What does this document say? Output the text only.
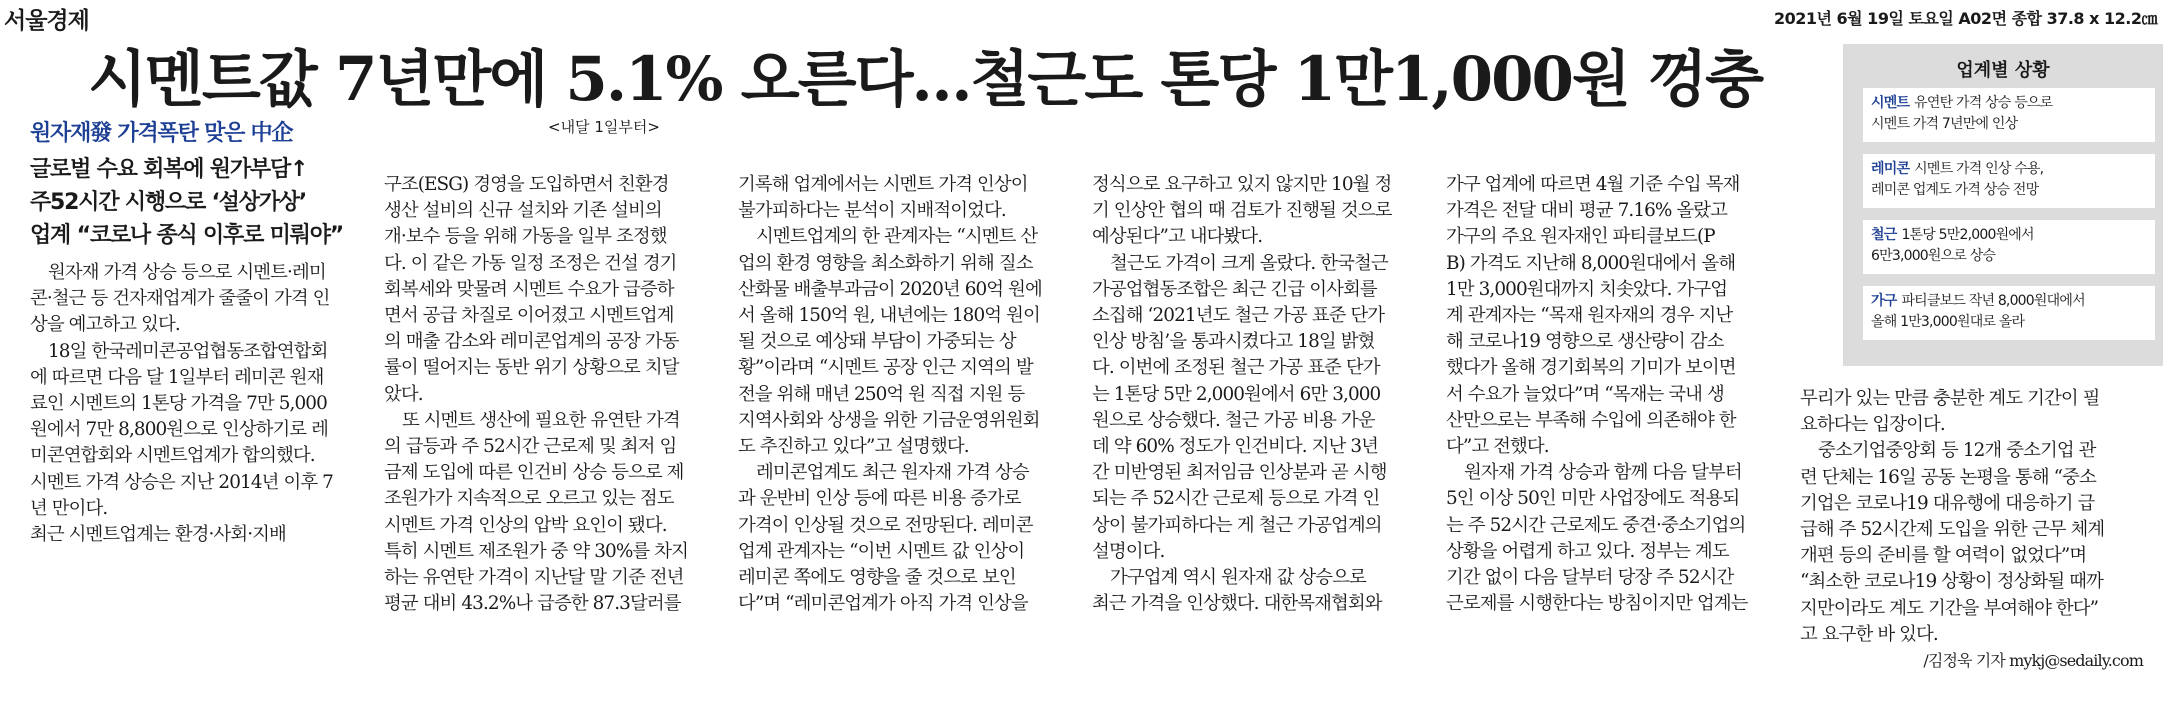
서울경제	2021년 6월 19일 토요일 A02면 종합 37.8 x 12.2㎝
시멘트값 7년만에 5.1% 오른다…철근도 톤당 1만1,000원 껑충
<내달 1일부터>
원자재發 가격폭탄 맞은 中企
글로벌 수요 회복에 원가부담↑
주52시간 시행으로 ‘설상가상’
업계 “코로나 종식 이후로 미뤄야”
업계별 상황
시멘트 유연탄 가격 상승 등으로
시멘트 가격 7년만에 인상
레미콘 시멘트 가격 인상 수용,
레미콘 업계도 가격 상승 전망
철근 1톤당 5만2,000원에서
6만3,000원으로 상승
가구 파티클보드 작년 8,000원대에서
올해 1만3,000원대로 올라
원자재 가격 상승 등으로 시멘트·레미
콘·철근 등 건자재업계가 줄줄이 가격 인
상을 예고하고 있다.
18일 한국레미콘공업협동조합연합회
에 따르면 다음 달 1일부터 레미콘 원재
료인 시멘트의 1톤당 가격을 7만 5,000
원에서 7만 8,800원으로 인상하기로 레
미콘연합회와 시멘트업계가 합의했다.
시멘트 가격 상승은 지난 2014년 이후 7
년 만이다.
최근 시멘트업계는 환경·사회·지배
구조(ESG) 경영을 도입하면서 친환경
생산 설비의 신규 설치와 기존 설비의
개·보수 등을 위해 가동을 일부 조정했
다. 이 같은 가동 일정 조정은 건설 경기
회복세와 맞물려 시멘트 수요가 급증하
면서 공급 차질로 이어졌고 시멘트업계
의 매출 감소와 레미콘업계의 공장 가동
률이 떨어지는 동반 위기 상황으로 치달
았다.
또 시멘트 생산에 필요한 유연탄 가격
의 급등과 주 52시간 근로제 및 최저 임
금제 도입에 따른 인건비 상승 등으로 제
조원가가 지속적으로 오르고 있는 점도
시멘트 가격 인상의 압박 요인이 됐다.
특히 시멘트 제조원가 중 약 30%를 차지
하는 유연탄 가격이 지난달 말 기준 전년
평균 대비 43.2%나 급증한 87.3달러를
기록해 업계에서는 시멘트 가격 인상이
불가피하다는 분석이 지배적이었다.
시멘트업계의 한 관계자는 “시멘트 산
업의 환경 영향을 최소화하기 위해 질소
산화물 배출부과금이 2020년 60억 원에
서 올해 150억 원, 내년에는 180억 원이
될 것으로 예상돼 부담이 가중되는 상
황”이라며 “시멘트 공장 인근 지역의 발
전을 위해 매년 250억 원 직접 지원 등
지역사회와 상생을 위한 기금운영위원회
도 추진하고 있다”고 설명했다.
레미콘업계도 최근 원자재 가격 상승
과 운반비 인상 등에 따른 비용 증가로
가격이 인상될 것으로 전망된다. 레미콘
업계 관계자는 “이번 시멘트 값 인상이
레미콘 쪽에도 영향을 줄 것으로 보인
다”며 “레미콘업계가 아직 가격 인상을
정식으로 요구하고 있지 않지만 10월 정
기 인상안 협의 때 검토가 진행될 것으로
예상된다”고 내다봤다.
철근도 가격이 크게 올랐다. 한국철근
가공업협동조합은 최근 긴급 이사회를
소집해 ‘2021년도 철근 가공 표준 단가
인상 방침’을 통과시켰다고 18일 밝혔
다. 이번에 조정된 철근 가공 표준 단가
는 1톤당 5만 2,000원에서 6만 3,000
원으로 상승했다. 철근 가공 비용 가운
데 약 60% 정도가 인건비다. 지난 3년
간 미반영된 최저임금 인상분과 곧 시행
되는 주 52시간 근로제 등으로 가격 인
상이 불가피하다는 게 철근 가공업계의
설명이다.
가구업계 역시 원자재 값 상승으로
최근 가격을 인상했다. 대한목재협회와
가구 업계에 따르면 4월 기준 수입 목재
가격은 전달 대비 평균 7.16% 올랐고
가구의 주요 원자재인 파티클보드(P
B) 가격도 지난해 8,000원대에서 올해
1만 3,000원대까지 치솟았다. 가구업
계 관계자는 “목재 원자재의 경우 지난
해 코로나19 영향으로 생산량이 감소
했다가 올해 경기회복의 기미가 보이면
서 수요가 늘었다”며 “목재는 국내 생
산만으로는 부족해 수입에 의존해야 한
다”고 전했다.
원자재 가격 상승과 함께 다음 달부터
5인 이상 50인 미만 사업장에도 적용되
는 주 52시간 근로제도 중견·중소기업의
상황을 어렵게 하고 있다. 정부는 계도
기간 없이 다음 달부터 당장 주 52시간
근로제를 시행한다는 방침이지만 업계는
무리가 있는 만큼 충분한 계도 기간이 필
요하다는 입장이다.
중소기업중앙회 등 12개 중소기업 관
련 단체는 16일 공동 논평을 통해 “중소
기업은 코로나19 대유행에 대응하기 급
급해 주 52시간제 도입을 위한 근무 체계
개편 등의 준비를 할 여력이 없었다”며
“최소한 코로나19 상황이 정상화될 때까
지만이라도 계도 기간을 부여해야 한다”
고 요구한 바 있다.
/김정욱 기자 mykj@sedaily.com
